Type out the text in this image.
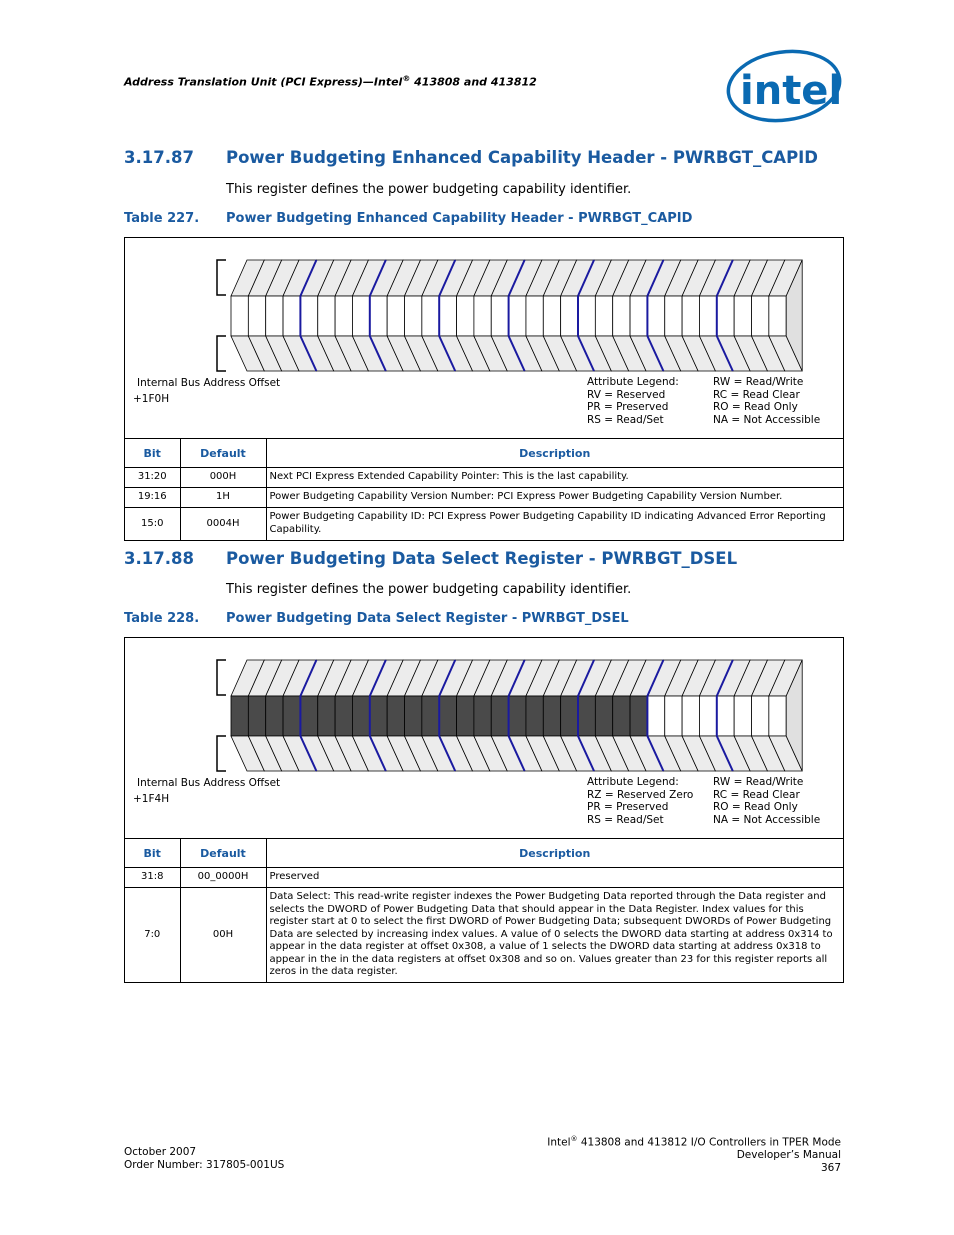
Address Translation Unit (PCI Express)—Intel® 413808 and 413812	intel
3.17.87 Power Budgeting Enhanced Capability Header - PWRBGT_CAPID
This register defines the power budgeting capability identifier.
Table 227. Power Budgeting Enhanced Capability Header - PWRBGT_CAPID
Internal Bus Address Offset
+1F0H
Attribute Legend:
RV = Reserved
PR = Preserved
RS = Read/Set
RW = Read/Write
RC = Read Clear
RO = Read Only
NA = Not Accessible
Bit	Default	Description
31:20	000H	Next PCI Express Extended Capability Pointer: This is the last capability.
19:16	1H	Power Budgeting Capability Version Number: PCI Express Power Budgeting Capability Version Number.
15:0	0004H	Power Budgeting Capability ID: PCI Express Power Budgeting Capability ID indicating Advanced Error Reporting Capability.
3.17.88 Power Budgeting Data Select Register - PWRBGT_DSEL
This register defines the power budgeting capability identifier.
Table 228. Power Budgeting Data Select Register - PWRBGT_DSEL
Internal Bus Address Offset
+1F4H
Attribute Legend:
RZ = Reserved Zero
PR = Preserved
RS = Read/Set
RW = Read/Write
RC = Read Clear
RO = Read Only
NA = Not Accessible
Bit	Default	Description
31:8	00_0000H	Preserved
7:0	00H	Data Select: This read-write register indexes the Power Budgeting Data reported through the Data register and selects the DWORD of Power Budgeting Data that should appear in the Data Register. Index values for this register start at 0 to select the first DWORD of Power Budgeting Data; subsequent DWORDs of Power Budgeting Data are selected by increasing index values. A value of 0 selects the DWORD data starting at address 0x314 to appear in the data register at offset 0x308, a value of 1 selects the DWORD data starting at address 0x318 to appear in the in the data registers at offset 0x308 and so on. Values greater than 23 for this register reports all zeros in the data register.
October 2007
Order Number: 317805-001US
Intel® 413808 and 413812 I/O Controllers in TPER Mode
Developer’s Manual
367
